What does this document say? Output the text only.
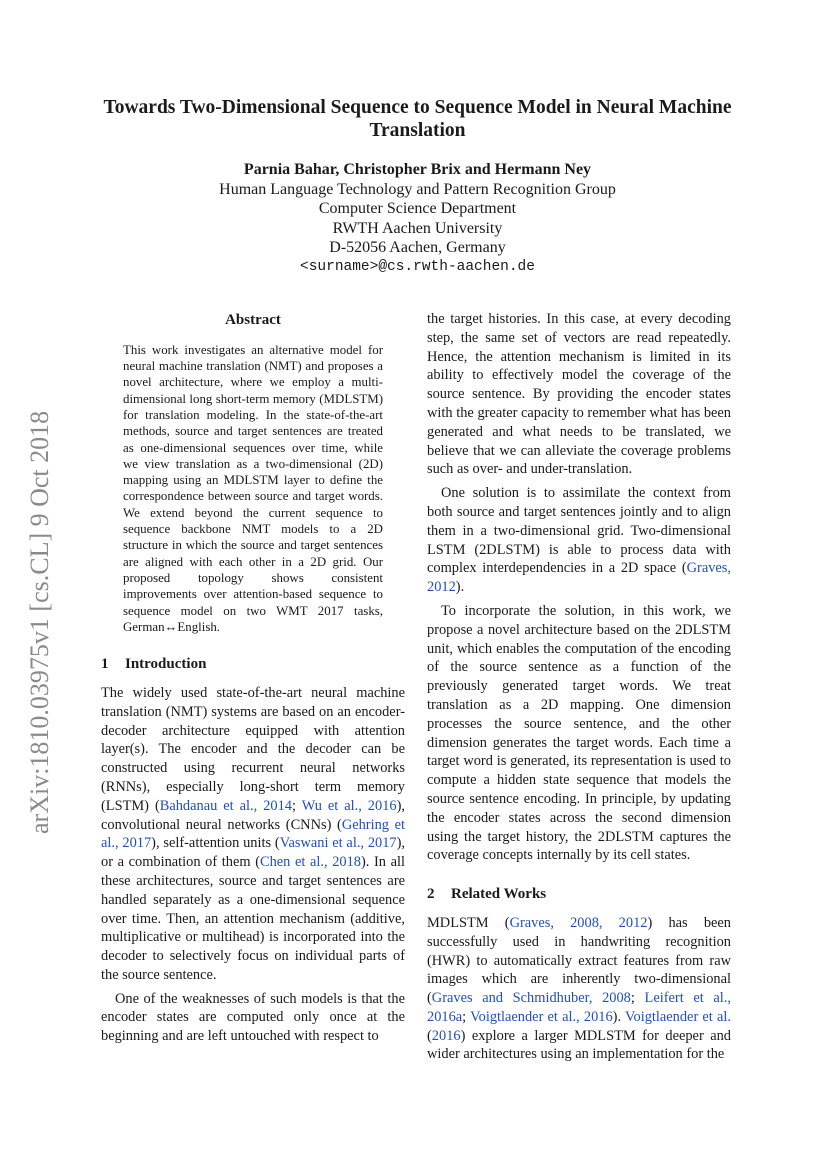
arXiv:1810.03975v1 [cs.CL] 9 Oct 2018
Towards Two-Dimensional Sequence to Sequence Model in Neural Machine Translation
Parnia Bahar, Christopher Brix and Hermann Ney
Human Language Technology and Pattern Recognition Group
Computer Science Department
RWTH Aachen University
D-52056 Aachen, Germany
<surname>@cs.rwth-aachen.de
Abstract

This work investigates an alternative model for neural machine translation (NMT) and proposes a novel architecture, where we employ a multi-dimensional long short-term memory (MDLSTM) for translation modeling. In the state-of-the-art methods, source and target sentences are treated as one-dimensional sequences over time, while we view translation as a two-dimensional (2D) mapping using an MDLSTM layer to define the correspondence between source and target words. We extend beyond the current sequence to sequence backbone NMT models to a 2D structure in which the source and target sentences are aligned with each other in a 2D grid. Our proposed topology shows consistent improvements over attention-based sequence to sequence model on two WMT 2017 tasks, German↔English.

1 Introduction

The widely used state-of-the-art neural machine translation (NMT) systems are based on an encoder-decoder architecture equipped with attention layer(s). The encoder and the decoder can be constructed using recurrent neural networks (RNNs), especially long-short term memory (LSTM) (Bahdanau et al., 2014; Wu et al., 2016), convolutional neural networks (CNNs) (Gehring et al., 2017), self-attention units (Vaswani et al., 2017), or a combination of them (Chen et al., 2018). In all these architectures, source and target sentences are handled separately as a one-dimensional sequence over time. Then, an attention mechanism (additive, multiplicative or multihead) is incorporated into the decoder to selectively focus on individual parts of the source sentence.

One of the weaknesses of such models is that the encoder states are computed only once at the beginning and are left untouched with respect to

the target histories. In this case, at every decoding step, the same set of vectors are read repeatedly. Hence, the attention mechanism is limited in its ability to effectively model the coverage of the source sentence. By providing the encoder states with the greater capacity to remember what has been generated and what needs to be translated, we believe that we can alleviate the coverage problems such as over- and under-translation.

One solution is to assimilate the context from both source and target sentences jointly and to align them in a two-dimensional grid. Two-dimensional LSTM (2DLSTM) is able to process data with complex interdependencies in a 2D space (Graves, 2012).

To incorporate the solution, in this work, we propose a novel architecture based on the 2DLSTM unit, which enables the computation of the encoding of the source sentence as a function of the previously generated target words. We treat translation as a 2D mapping. One dimension processes the source sentence, and the other dimension generates the target words. Each time a target word is generated, its representation is used to compute a hidden state sequence that models the source sentence encoding. In principle, by updating the encoder states across the second dimension using the target history, the 2DLSTM captures the coverage concepts internally by its cell states.

2 Related Works

MDLSTM (Graves, 2008, 2012) has been successfully used in handwriting recognition (HWR) to automatically extract features from raw images which are inherently two-dimensional (Graves and Schmidhuber, 2008; Leifert et al., 2016a; Voigtlaender et al., 2016). Voigtlaender et al. (2016) explore a larger MDLSTM for deeper and wider architectures using an implementation for the
